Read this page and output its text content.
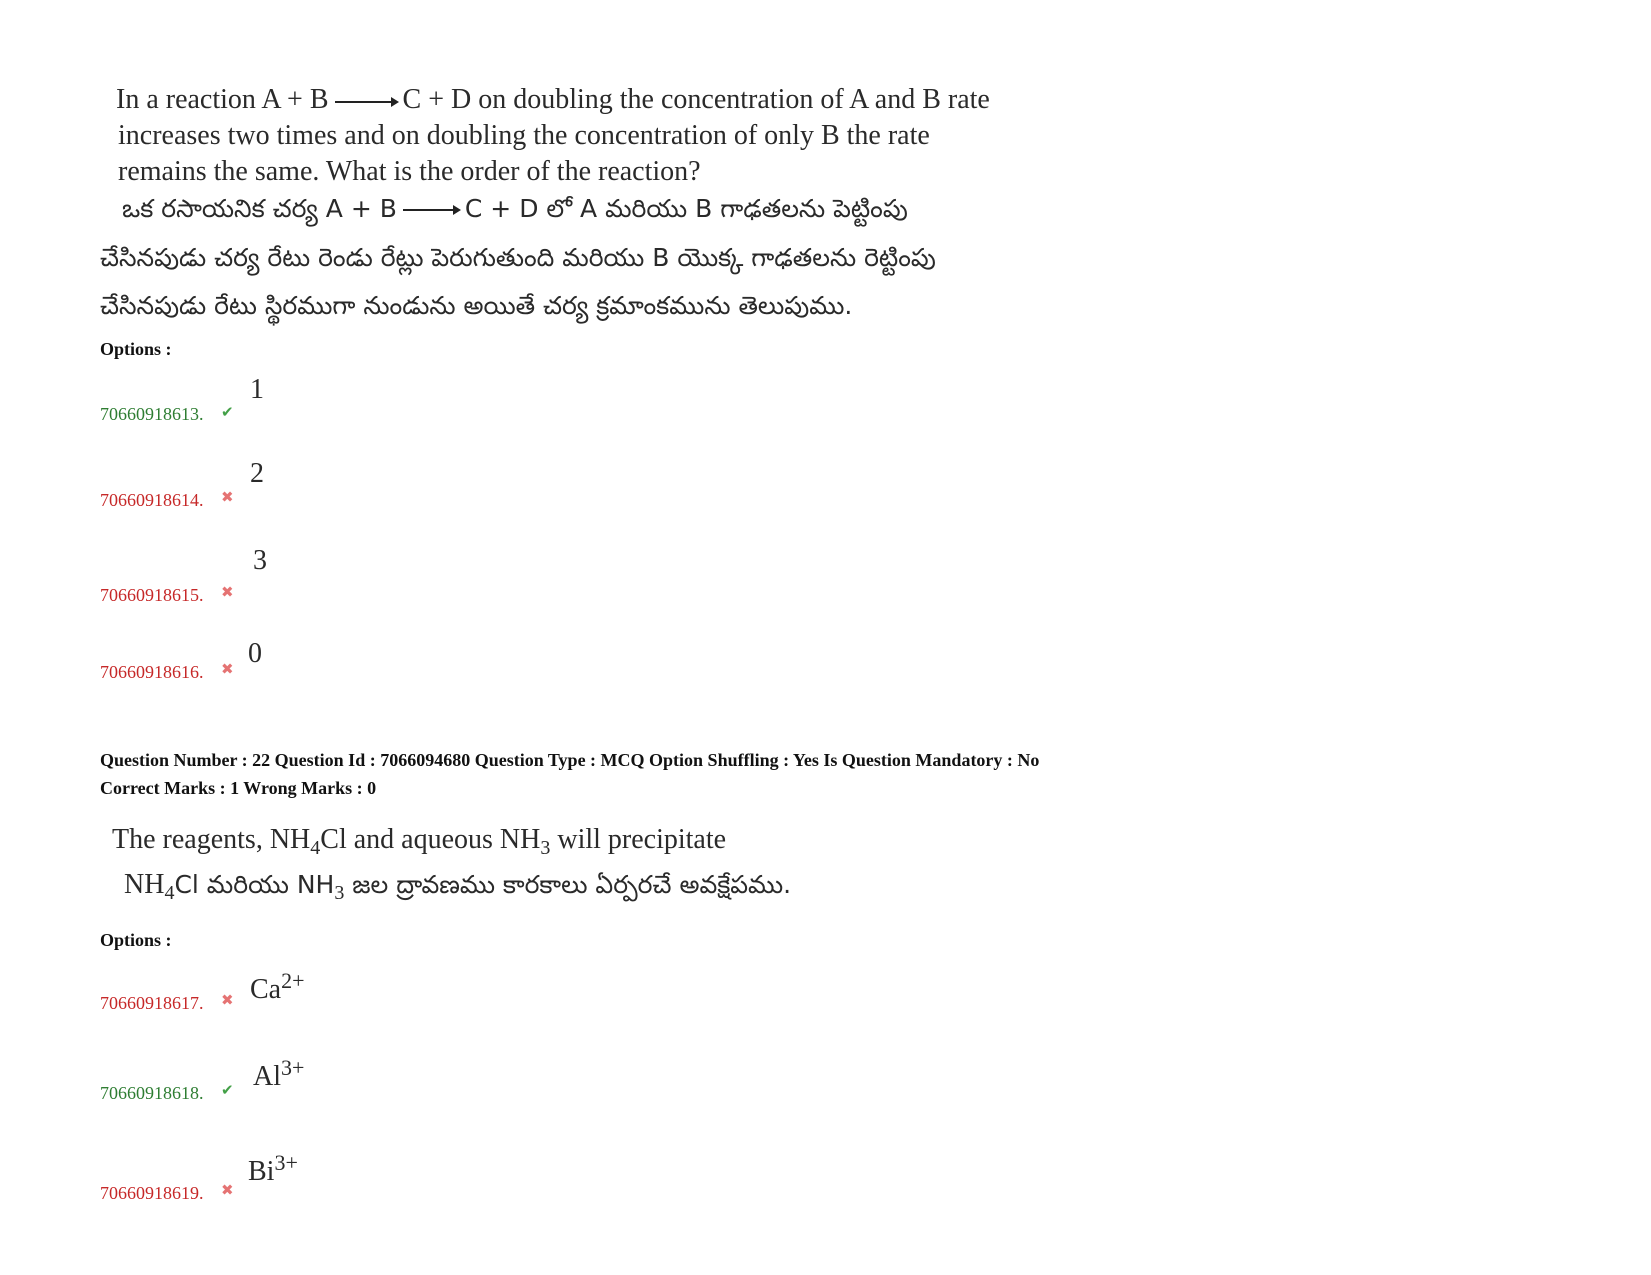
In a reaction A + B → C + D on doubling the concentration of A and B rate
increases two times and on doubling the concentration of only B the rate
remains the same. What is the order of the reaction?
ఒక రసాయనిక చర్య A + B → C + D లో A మరియు B గాఢతలను పెట్టింపు
చేసినపుడు చర్య రేటు రెండు రేట్లు పెరుగుతుంది మరియు B యొక్క గాఢతలను రెట్టింపు
చేసినపుడు రేటు స్థిరముగా నుండును అయితే చర్య క్రమాంకమును తెలుపుము.
Options :
70660918613. ✔
1
70660918614. ✖
2
70660918615. ✖
3
70660918616. ✖ 0
Question Number : 22 Question Id : 7066094680 Question Type : MCQ Option Shuffling : Yes Is Question Mandatory : No
Correct Marks : 1 Wrong Marks : 0
The reagents, $NH_4Cl$ and aqueous $NH_3$ will precipitate
$NH_4Cl$ మరియు $NH_3$ జల ద్రావణము కారకాలు ఏర్పరచే అవక్షేపము.
Options :
70660918617. ✖ $Ca^{2+}$
70660918618. ✔ $Al^{3+}$
70660918619. ✖
$Bi^{3+}$
